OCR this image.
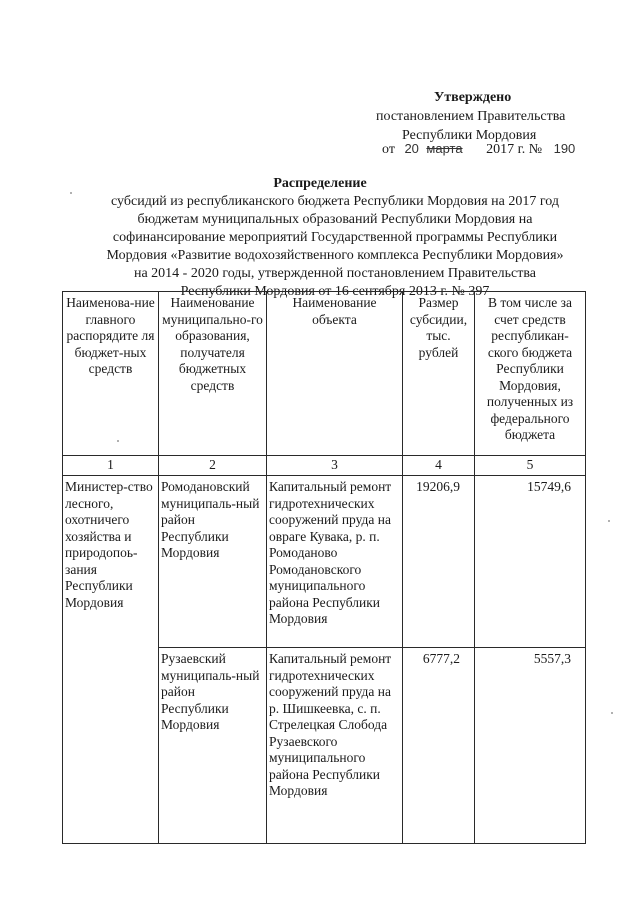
Утверждено
постановлением Правительства
Республики Мордовия
от 20 марта 2017 г. № 190
Распределение
субсидий из республиканского бюджета Республики Мордовия на 2017 год
бюджетам муниципальных образований Республики Мордовия на
софинансирование мероприятий Государственной программы Республики
Мордовия «Развитие водохозяйственного комплекса Республики Мордовия»
на 2014 - 2020 годы, утвержденной постановлением Правительства
Республики Мордовия от 16 сентября 2013 г. № 397
Наименова-ние главного распорядите ля бюджет-ных средств	Наименование муниципально-го образования, получателя бюджетных средств	Наименование объекта	Размер субсидии, тыс. рублей	В том числе за счет средств республикан-ского бюджета Республики Мордовия, полученных из федерального бюджета
1	2	3	4	5
Министер-ство лесного, охотничего хозяйства и природопоь-зания Республики Мордовия	Ромодановский муниципаль-ный район Республики Мордовия	Капитальный ремонт гидротехнических сооружений пруда на овраге Кувака, р. п. Ромоданово Ромодановского муниципального района Республики Мордовия	19206,9	15749,6
	Рузаевский муниципаль-ный район Республики Мордовия	Капитальный ремонт гидротехнических сооружений пруда на р. Шишкеевка, с. п. Стрелецкая Слобода Рузаевского муниципального района Республики Мордовия	6777,2	5557,3
